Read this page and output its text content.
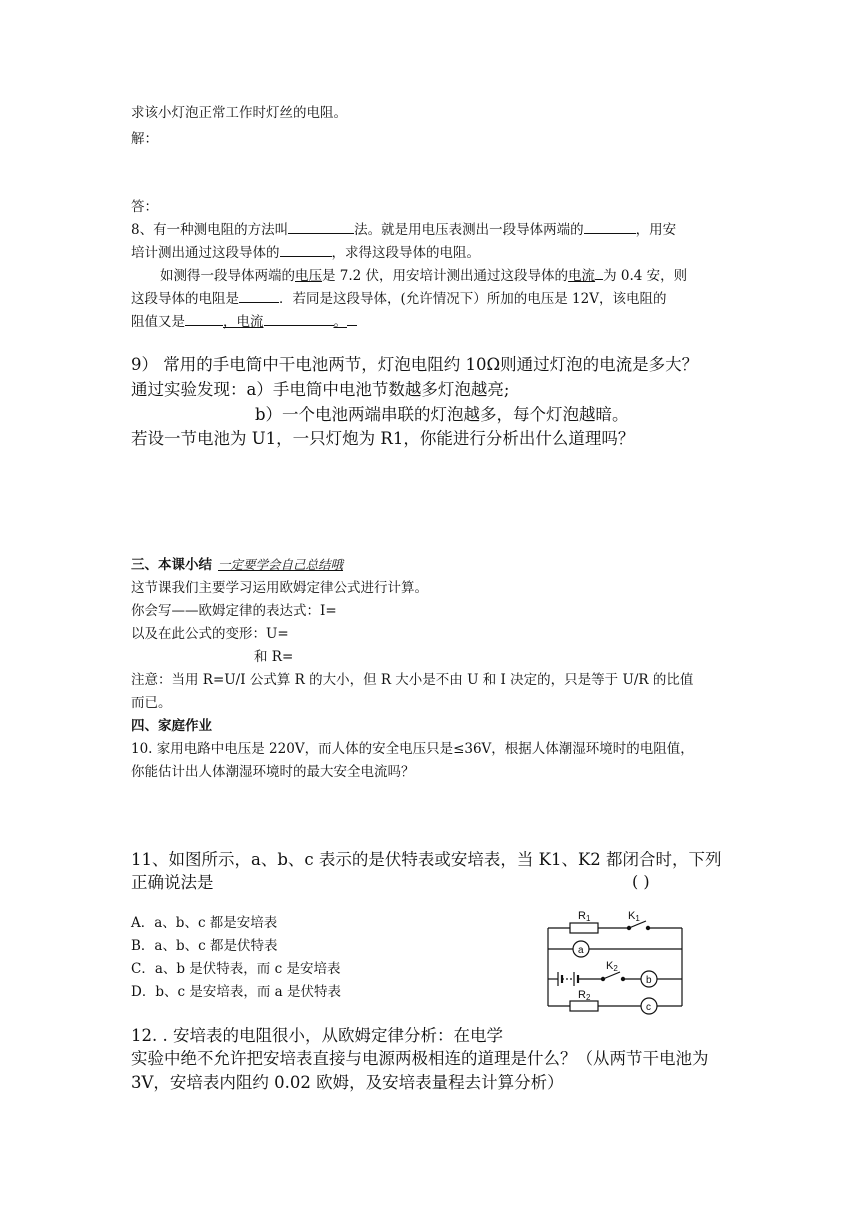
求该小灯泡正常工作时灯丝的电阻。
解：
答：
8、有一种测电阻的方法叫	法。就是用电压表测出一段导体两端的	，用安
培计测出通过这段导体的	，求得这段导体的电阻。
如测得一段导体两端的电压是 7.2 伏，用安培计测出通过这段导体的电流 为 0.4 安，则
这段导体的电阻是	．若同是这段导体，(允许情况下）所加的电压是 12V，该电阻的
阻值又是	，电流	。
9） 常用的手电筒中干电池两节，灯泡电阻约 10Ω则通过灯泡的电流是多大？
通过实验发现：a）手电筒中电池节数越多灯泡越亮;
b）一个电池两端串联的灯泡越多，每个灯泡越暗。
若设一节电池为 U1，一只灯炮为 R1，你能进行分析出什么道理吗？
三、本课小结 一定要学会自己总结哦
这节课我们主要学习运用欧姆定律公式进行计算。
你会写——欧姆定律的表达式：I=
以及在此公式的变形：U=
和 R=
注意：当用 R=U/I 公式算 R 的大小，但 R 大小是不由 U 和 I 决定的，只是等于 U/R 的比值
而已。
四、家庭作业
10. 家用电路中电压是 220V，而人体的安全电压只是≤36V，根据人体潮湿环境时的电阻值，
你能估计出人体潮湿环境时的最大安全电流吗？
11、如图所示，a、b、c 表示的是伏特表或安培表，当 K1、K2 都闭合时，下列
正确说法是	( )
A．a、b、c 都是安培表
B．a、b、c 都是伏特表
C．a、b 是伏特表，而 c 是安培表
D．b、c 是安培表，而 a 是伏特表
R1	K1
K2
R2
a
b
c
12. . 安培表的电阻很小，从欧姆定律分析：在电学
实验中绝不允许把安培表直接与电源两极相连的道理是什么？（从两节干电池为
3V，安培表内阻约 0.02 欧姆，及安培表量程去计算分析）
